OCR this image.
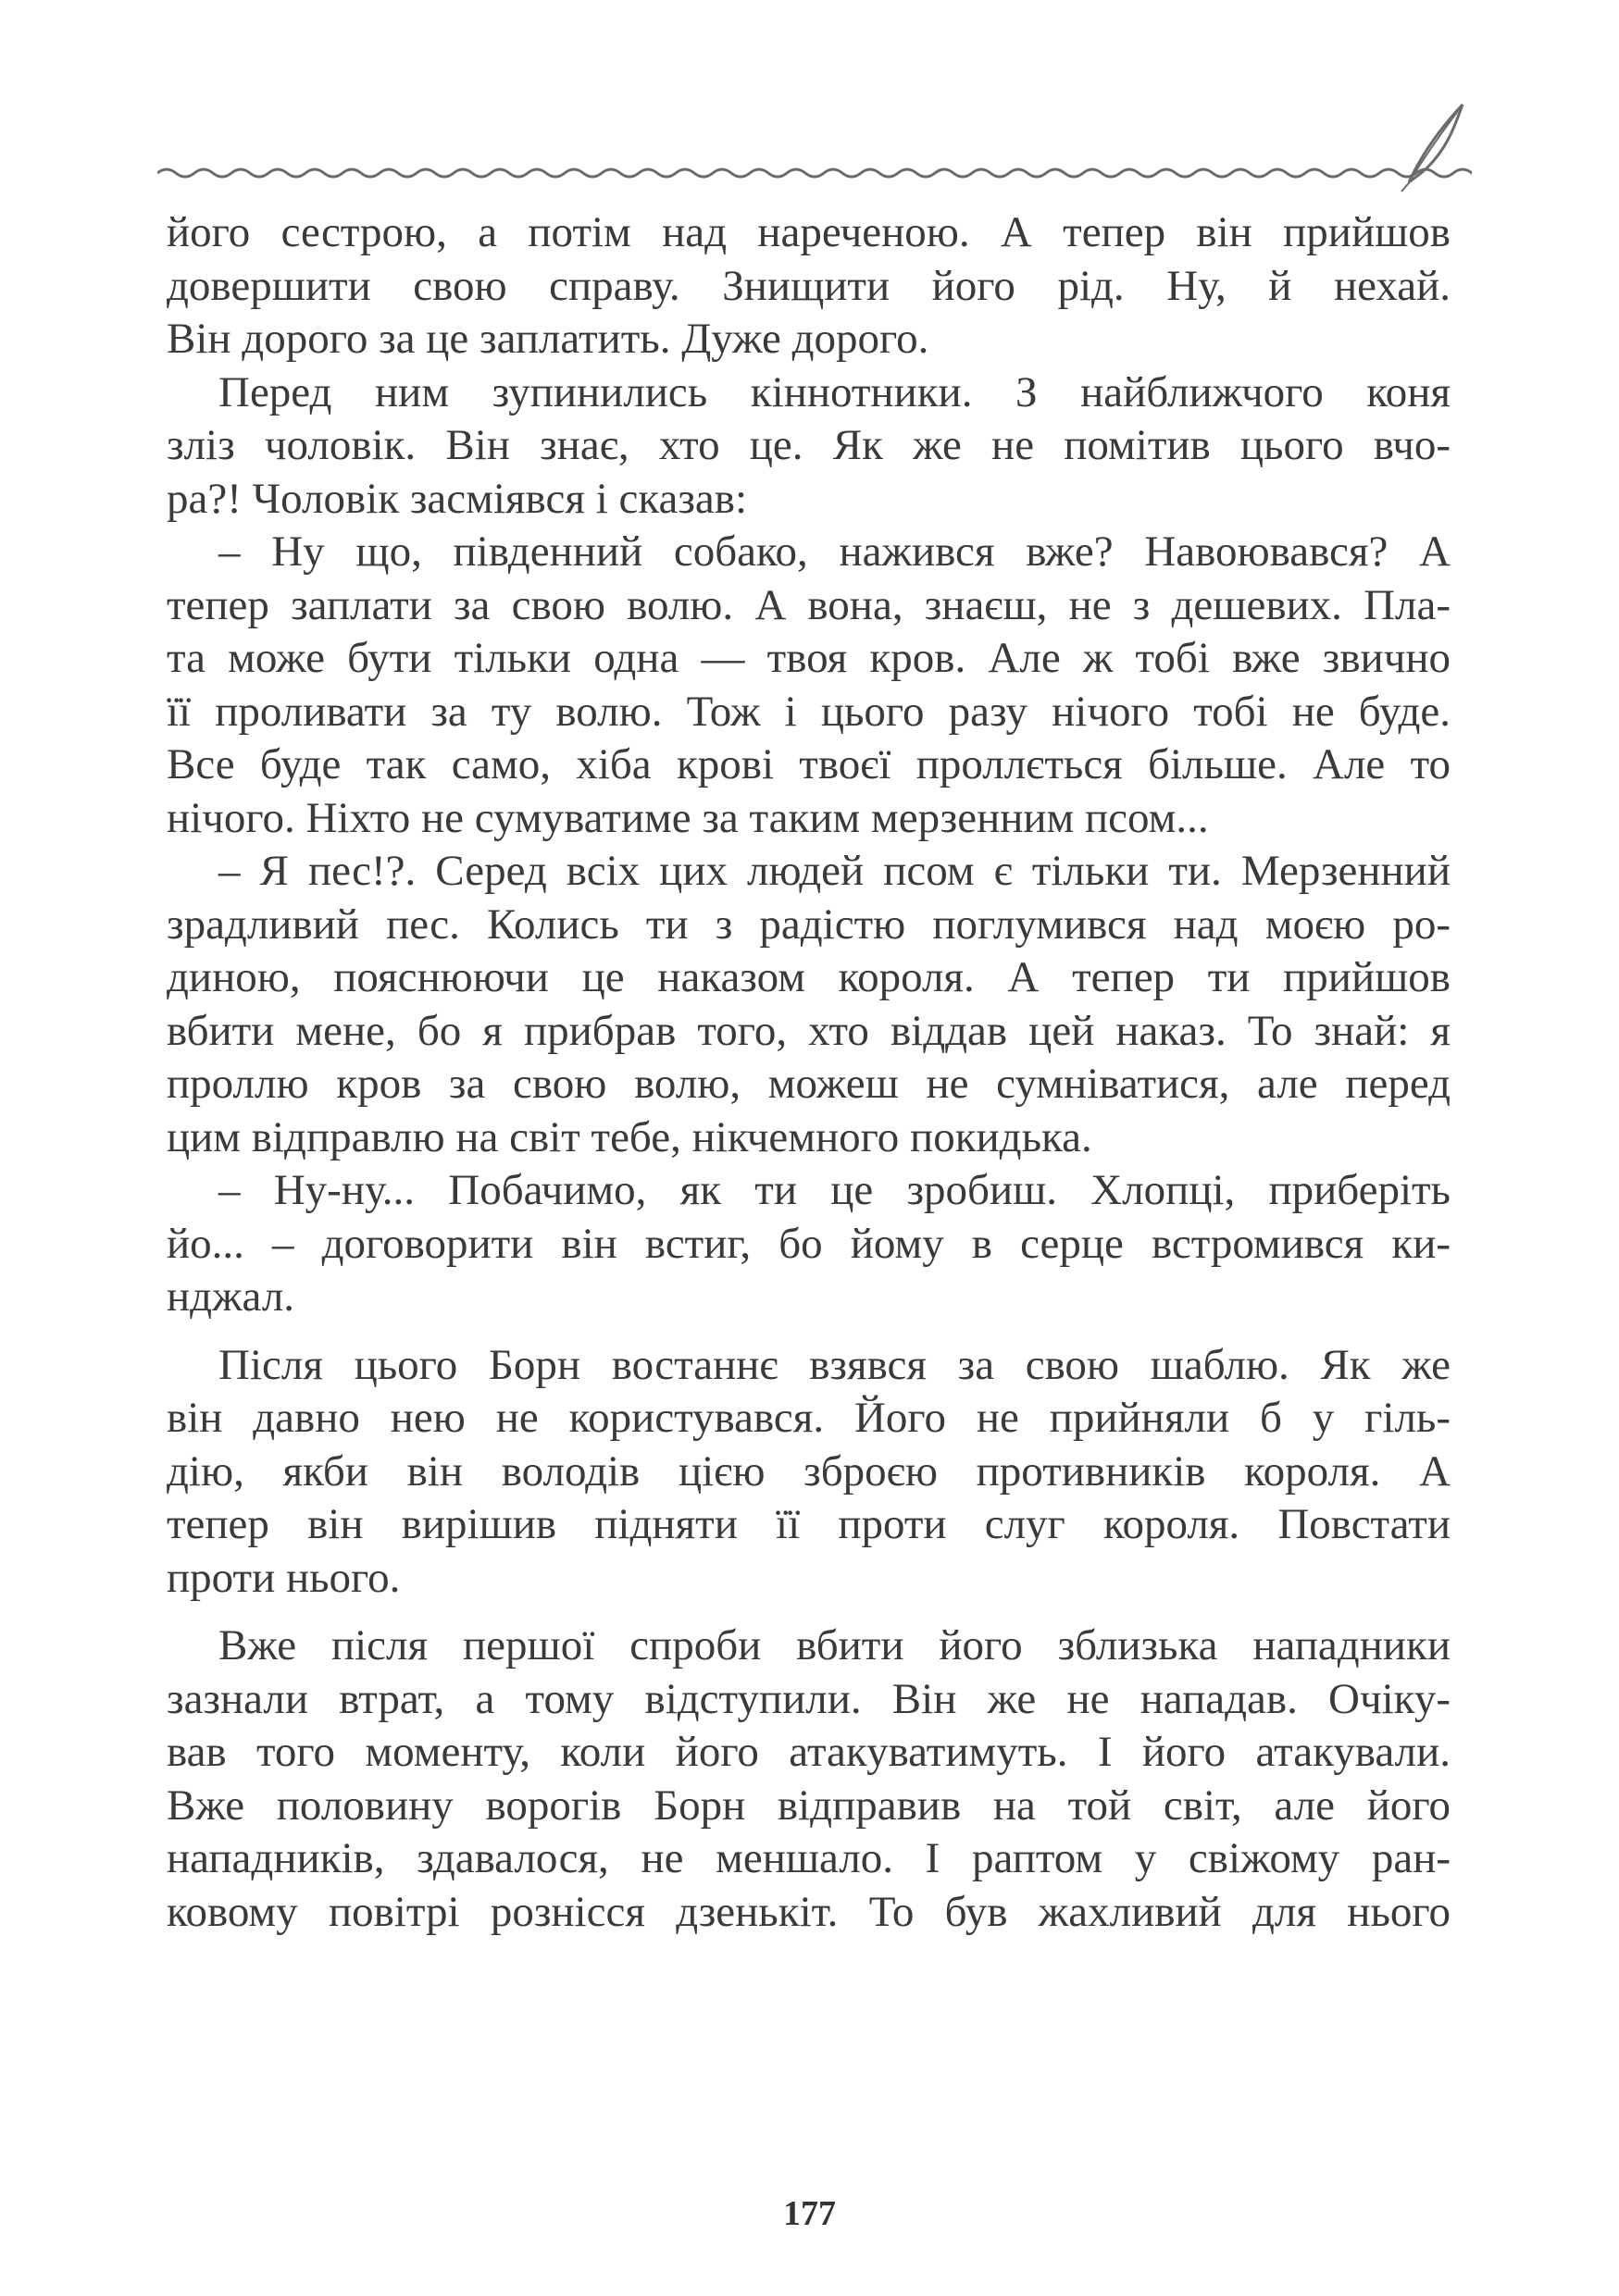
його сестрою, а потім над нареченою. А тепер він прийшов
довершити свою справу. Знищити його рід. Ну, й нехай.
Він дорого за це заплатить. Дуже дорого.

Перед ним зупинились кіннотники. З найближчого коня
зліз чоловік. Він знає, хто це. Як же не помітив цього вчо-
ра?! Чоловік засміявся і сказав:

– Ну що, південний собако, нажився вже? Навоювався? А
тепер заплати за свою волю. А вона, знаєш, не з дешевих. Пла-
та може бути тільки одна — твоя кров. Але ж тобі вже звично
її проливати за ту волю. Тож і цього разу нічого тобі не буде.
Все буде так само, хіба крові твоєї проллється більше. Але то
нічого. Ніхто не сумуватиме за таким мерзенним псом...

– Я пес!?. Серед всіх цих людей псом є тільки ти. Мерзенний
зрадливий пес. Колись ти з радістю поглумився над моєю ро-
диною, пояснюючи це наказом короля. А тепер ти прийшов
вбити мене, бо я прибрав того, хто віддав цей наказ. То знай: я
проллю кров за свою волю, можеш не сумніватися, але перед
цим відправлю на світ тебе, нікчемного покидька.

– Ну-ну... Побачимо, як ти це зробиш. Хлопці, приберіть
йо... – договорити він встиг, бо йому в серце встромився ки-
нджал.

Після цього Борн востаннє взявся за свою шаблю. Як же
він давно нею не користувався. Його не прийняли б у гіль-
дію, якби він володів цією зброєю противників короля. А
тепер він вирішив підняти її проти слуг короля. Повстати
проти нього.

Вже після першої спроби вбити його зблизька нападники
зазнали втрат, а тому відступили. Він же не нападав. Очіку-
вав того моменту, коли його атакуватимуть. І його атакували.
Вже половину ворогів Борн відправив на той світ, але його
нападників, здавалося, не меншало. І раптом у свіжому ран-
ковому повітрі рознісся дзенькіт. То був жахливий для нього

177
